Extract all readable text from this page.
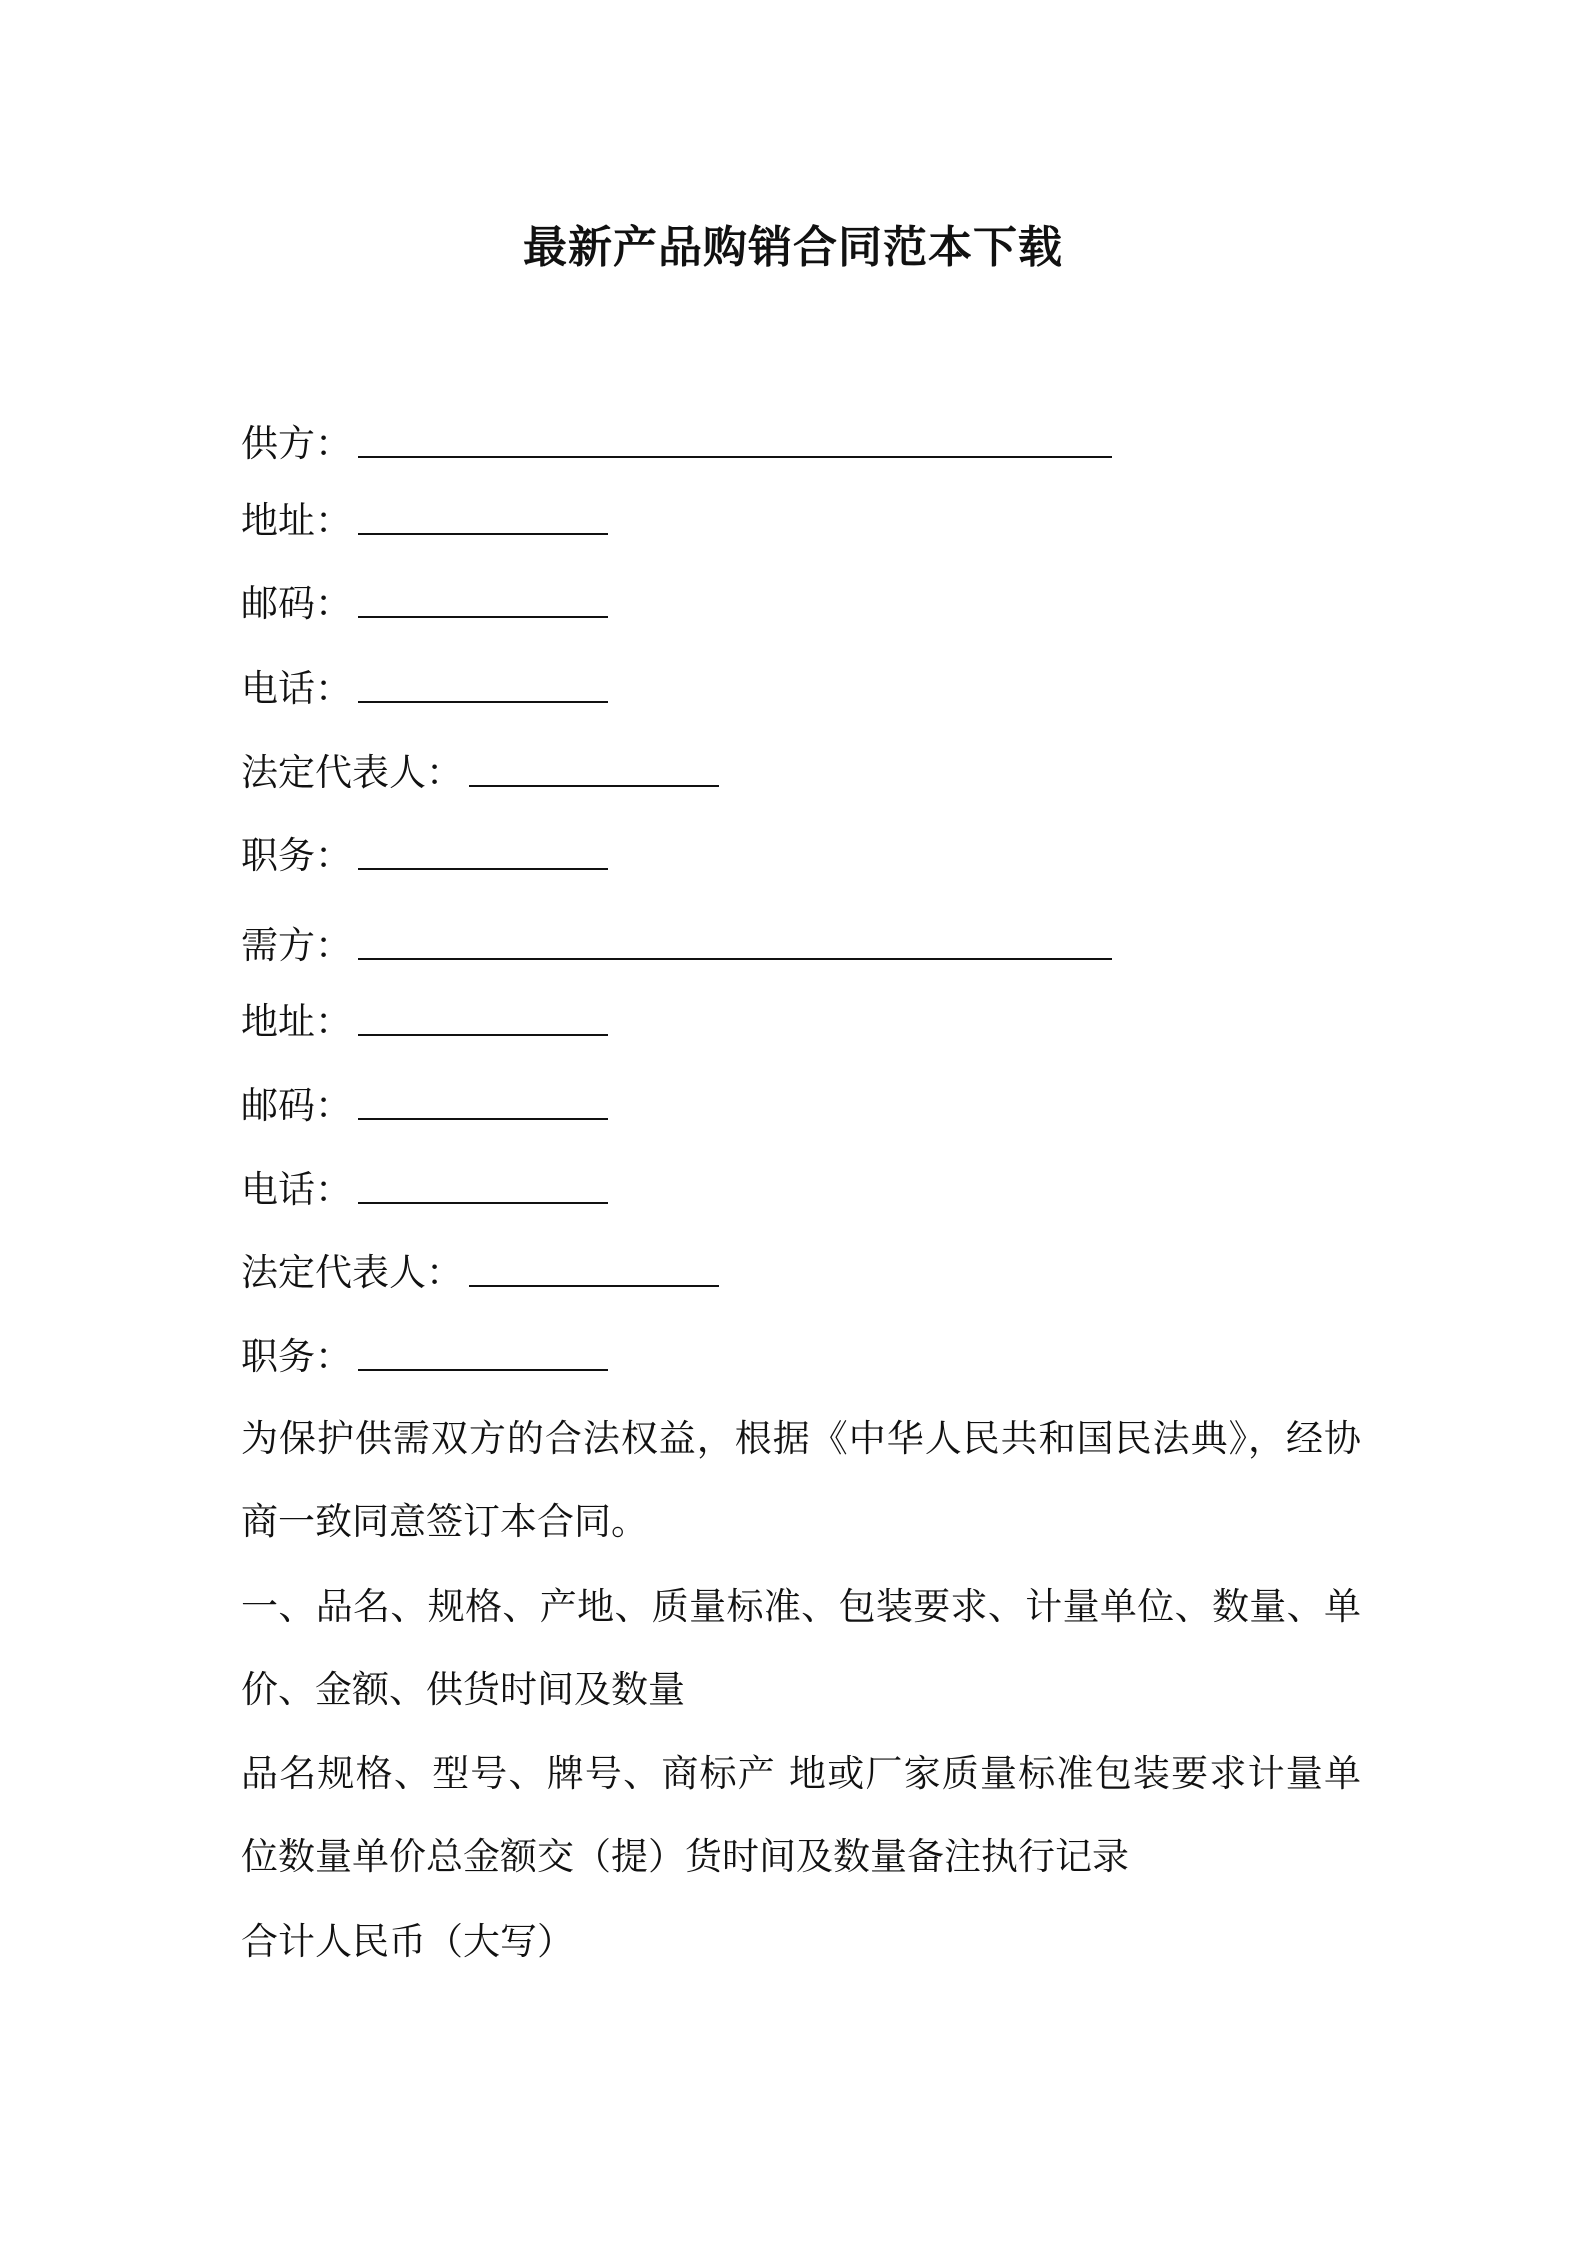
最新产品购销合同范本下载
供方：
地址：
邮码：
电话：
法定代表人：
职务：
需方：
地址：
邮码：
电话：
法定代表人：
职务：
为保护供需双方的合法权益，根据《中华人民共和国民法典》，经协商一致同意签订本合同。
一、品名、规格、产地、质量标准、包装要求、计量单位、数量、单价、金额、供货时间及数量
品名规格、型号、牌号、商标产 地或厂家质量标准包装要求计量单位数量单价总金额交（提）货时间及数量备注执行记录
合计人民币（大写）
